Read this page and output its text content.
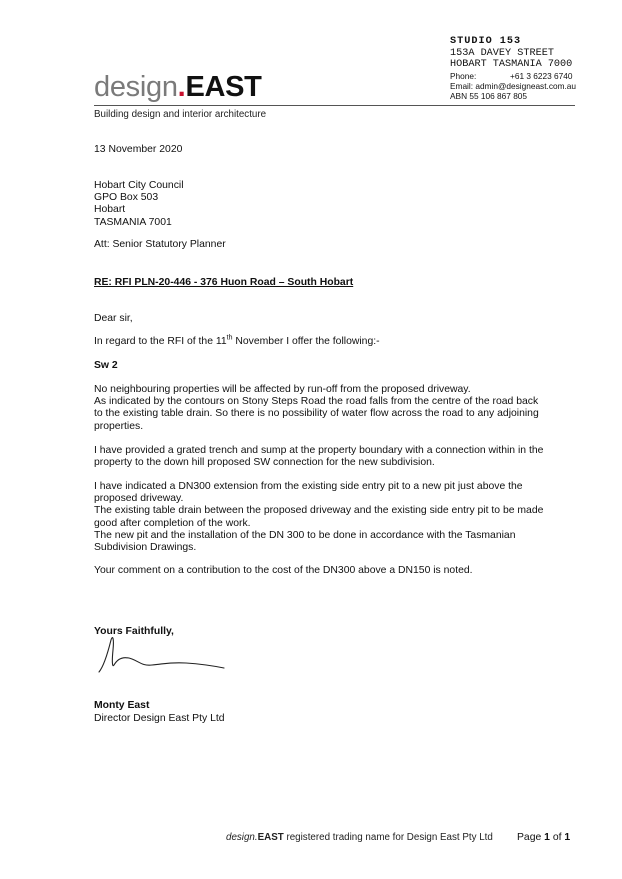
STUDIO 153
153A DAVEY STREET
HOBART TASMANIA 7000
Phone:	+61 3 6223 6740
Email: admin@designeast.com.au
ABN 55 106 867 805
design.EAST
Building design and interior architecture
13 November 2020
Hobart City Council
GPO Box 503
Hobart
TASMANIA 7001
Att: Senior Statutory Planner
RE: RFI PLN-20-446 - 376 Huon Road – South Hobart
Dear sir,
In regard to the RFI of the 11th November I offer the following:-
Sw 2
No neighbouring properties will be affected by run-off from the proposed driveway.
As indicated by the contours on Stony Steps Road the road falls from the centre of the road back
to the existing table drain. So there is no possibility of water flow across the road to any adjoining
properties.
I have provided a grated trench and sump at the property boundary with a connection within in the
property to the down hill proposed SW connection for the new subdivision.
I have indicated a DN300 extension from the existing side entry pit to a new pit just above the
proposed driveway.
The existing table drain between the proposed driveway and the existing side entry pit to be made
good after completion of the work.
The new pit and the installation of the DN 300 to be done in accordance with the Tasmanian
Subdivision Drawings.
Your comment on a contribution to the cost of the DN300 above a DN150 is noted.
Yours Faithfully,
Monty East
Director Design East Pty Ltd
design.EAST registered trading name for Design East Pty Ltd Page 1 of 1
